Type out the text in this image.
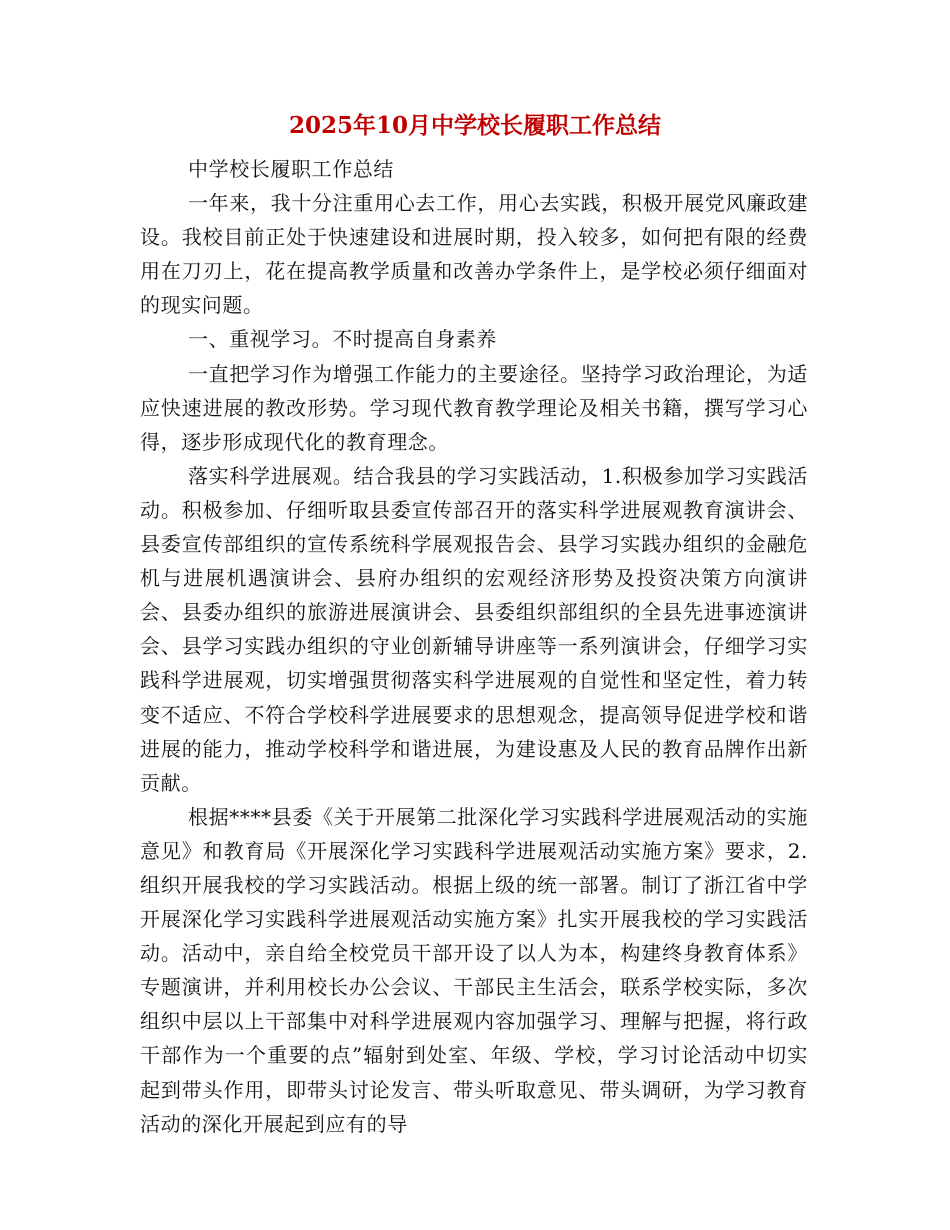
2025年10月中学校长履职工作总结

中学校长履职工作总结

一年来，我十分注重用心去工作，用心去实践，积极开展党风廉政建设。我校目前正处于快速建设和进展时期，投入较多，如何把有限的经费用在刀刃上，花在提高教学质量和改善办学条件上，是学校必须仔细面对的现实问题。

一、重视学习。不时提高自身素养

一直把学习作为增强工作能力的主要途径。坚持学习政治理论，为适应快速进展的教改形势。学习现代教育教学理论及相关书籍，撰写学习心得，逐步形成现代化的教育理念。

落实科学进展观。结合我县的学习实践活动，1.积极参加学习实践活动。积极参加、仔细听取县委宣传部召开的落实科学进展观教育演讲会、县委宣传部组织的宣传系统科学展观报告会、县学习实践办组织的金融危机与进展机遇演讲会、县府办组织的宏观经济形势及投资决策方向演讲会、县委办组织的旅游进展演讲会、县委组织部组织的全县先进事迹演讲会、县学习实践办组织的守业创新辅导讲座等一系列演讲会，仔细学习实践科学进展观，切实增强贯彻落实科学进展观的自觉性和坚定性，着力转变不适应、不符合学校科学进展要求的思想观念，提高领导促进学校和谐进展的能力，推动学校科学和谐进展，为建设惠及人民的教育品牌作出新贡献。

根据****县委《关于开展第二批深化学习实践科学进展观活动的实施意见》和教育局《开展深化学习实践科学进展观活动实施方案》要求，2.组织开展我校的学习实践活动。根据上级的统一部署。制订了浙江省中学开展深化学习实践科学进展观活动实施方案》扎实开展我校的学习实践活动。活动中，亲自给全校党员干部开设了以人为本，构建终身教育体系》专题演讲，并利用校长办公会议、干部民主生活会，联系学校实际，多次组织中层以上干部集中对科学进展观内容加强学习、理解与把握，将行政干部作为一个重要的点”辐射到处室、年级、学校，学习讨论活动中切实起到带头作用，即带头讨论发言、带头听取意见、带头调研，为学习教育活动的深化开展起到应有的导
